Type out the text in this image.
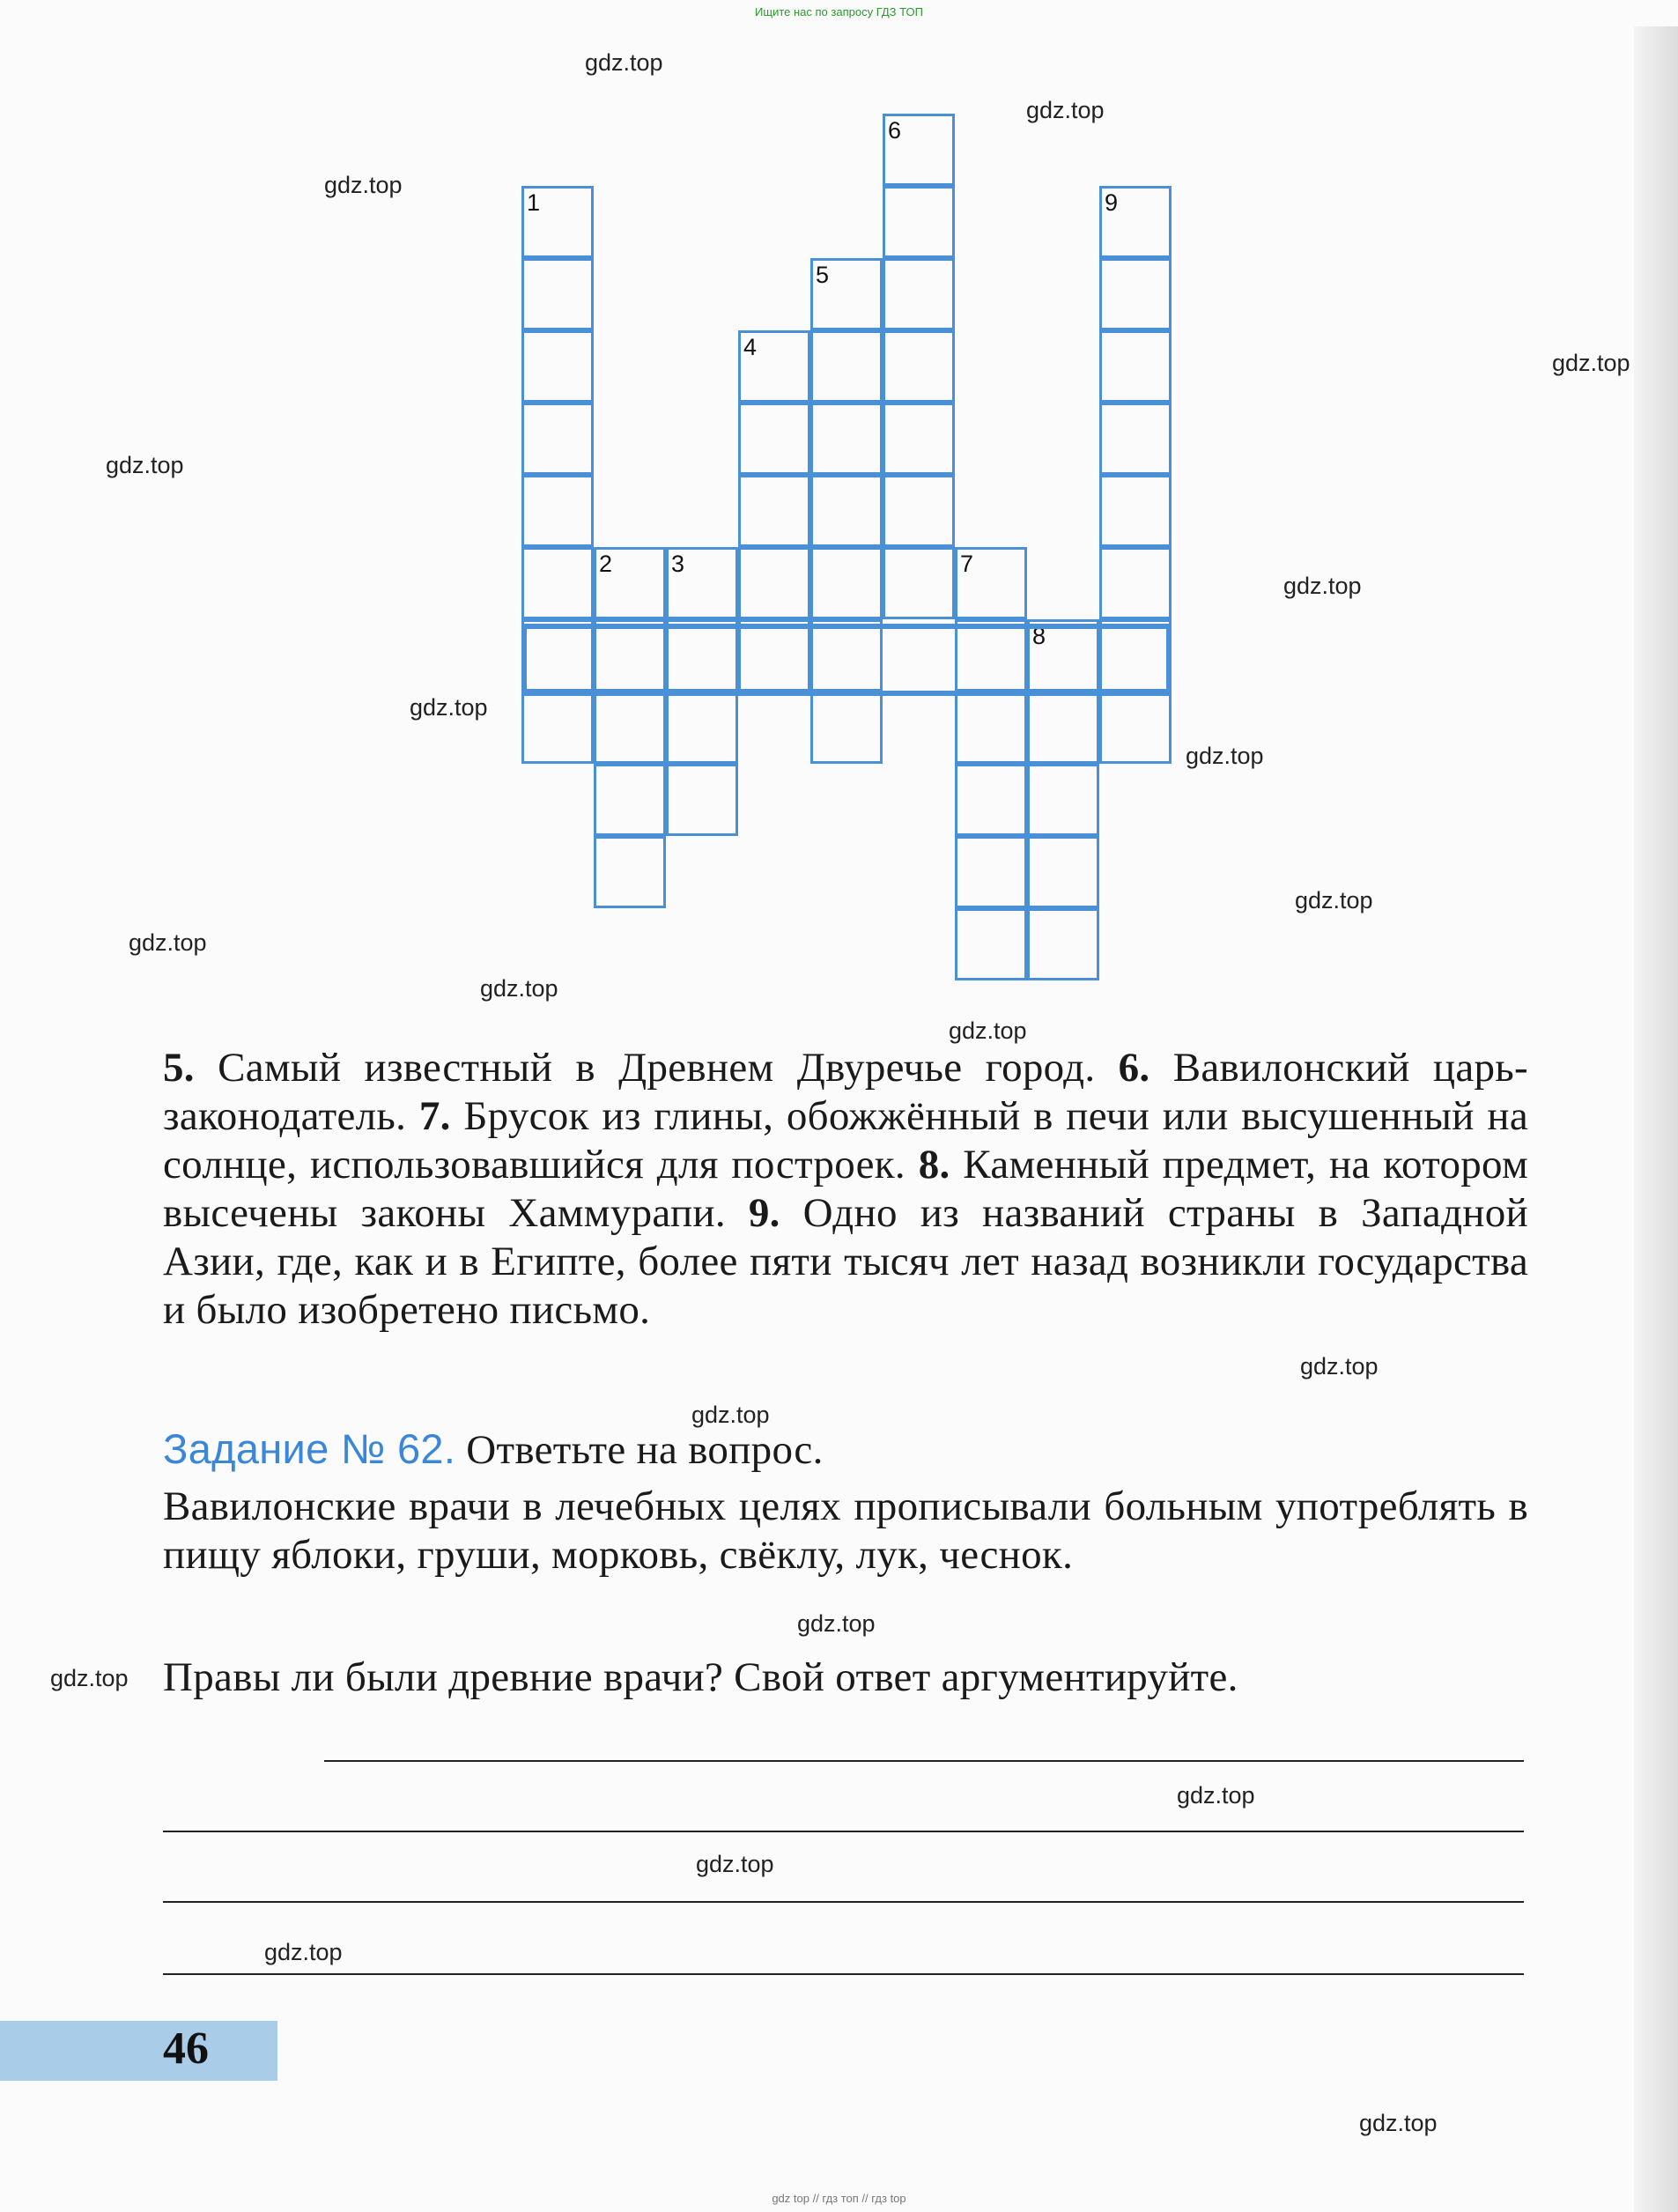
Ищите нас по запросу ГДЗ ТОП
1
2 3
4
5
6
7
8
9
5. Самый известный в Древнем Двуречье город. 6. Вавилонский царь-законодатель. 7. Брусок из глины, обожжённый в печи или высушенный на солнце, использовавшийся для построек. 8. Каменный предмет, на котором высечены законы Хаммурапи. 9. Одно из названий страны в Западной Азии, где, как и в Египте, более пяти тысяч лет назад возникли государства и было изобретено письмо.
Задание № 62. Ответьте на вопрос.
Вавилонские врачи в лечебных целях прописывали больным употреблять в пищу яблоки, груши, морковь, свёклу, лук, чеснок.
Правы ли были древние врачи? Свой ответ аргументируйте.
46
gdz.top
gdz.top
gdz.top
gdz.top
gdz.top
gdz.top
gdz.top
gdz.top
gdz.top
gdz.top
gdz.top
gdz.top
gdz.top
gdz.top
gdz.top
gdz.top
gdz.top
gdz.top
gdz.top
gdz.top
gdz top // гдз топ // гдз top
